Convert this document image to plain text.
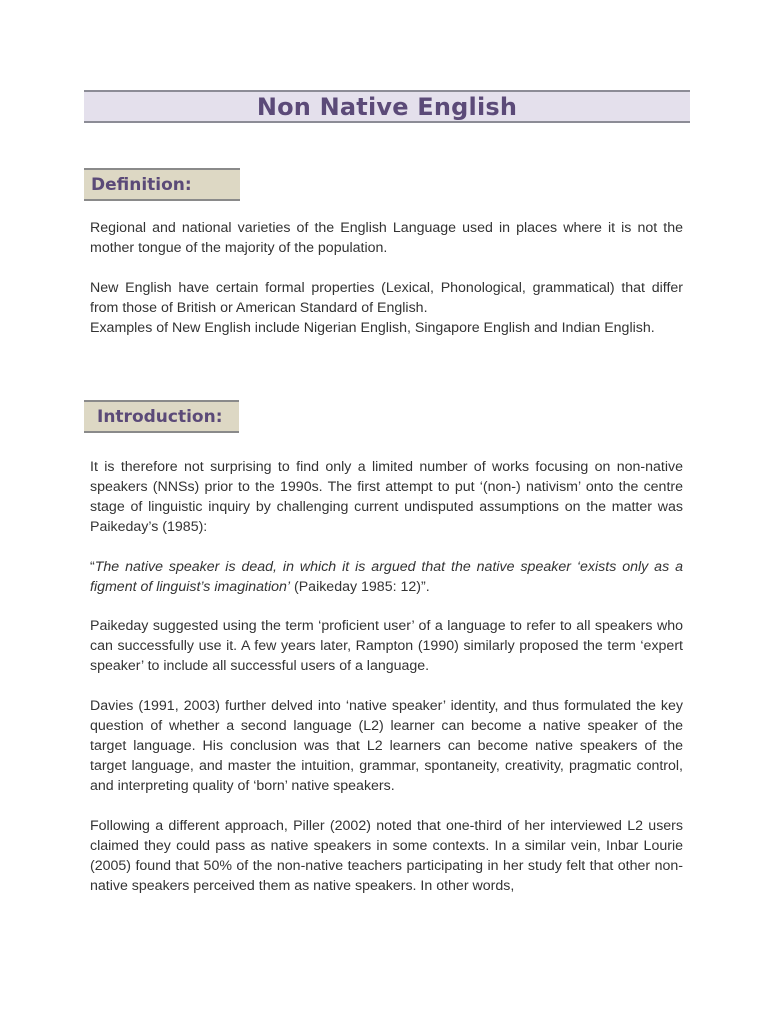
Non Native English
Definition:

Regional and national varieties of the English Language used in places where it is not the mother tongue of the majority of the population.

New English have certain formal properties (Lexical, Phonological, grammatical) that differ from those of British or American Standard of English.

Examples of New English include Nigerian English, Singapore English and Indian English.

Introduction:

It is therefore not surprising to find only a limited number of works focusing on non-native speakers (NNSs) prior to the 1990s. The first attempt to put ‘(non-) nativism’ onto the centre stage of linguistic inquiry by challenging current undisputed assumptions on the matter was Paikeday’s (1985):

“The native speaker is dead, in which it is argued that the native speaker ‘exists only as a figment of linguist’s imagination’ (Paikeday 1985: 12)”.

Paikeday suggested using the term ‘proficient user’ of a language to refer to all speakers who can successfully use it. A few years later, Rampton (1990) similarly proposed the term ‘expert speaker’ to include all successful users of a language.

Davies (1991, 2003) further delved into ‘native speaker’ identity, and thus formulated the key question of whether a second language (L2) learner can become a native speaker of the target language. His conclusion was that L2 learners can become native speakers of the target language, and master the intuition, grammar, spontaneity, creativity, pragmatic control, and interpreting quality of ‘born’ native speakers.

Following a different approach, Piller (2002) noted that one-third of her interviewed L2 users claimed they could pass as native speakers in some contexts. In a similar vein, Inbar Lourie (2005) found that 50% of the non-native teachers participating in her study felt that other non-native speakers perceived them as native speakers. In other words,
